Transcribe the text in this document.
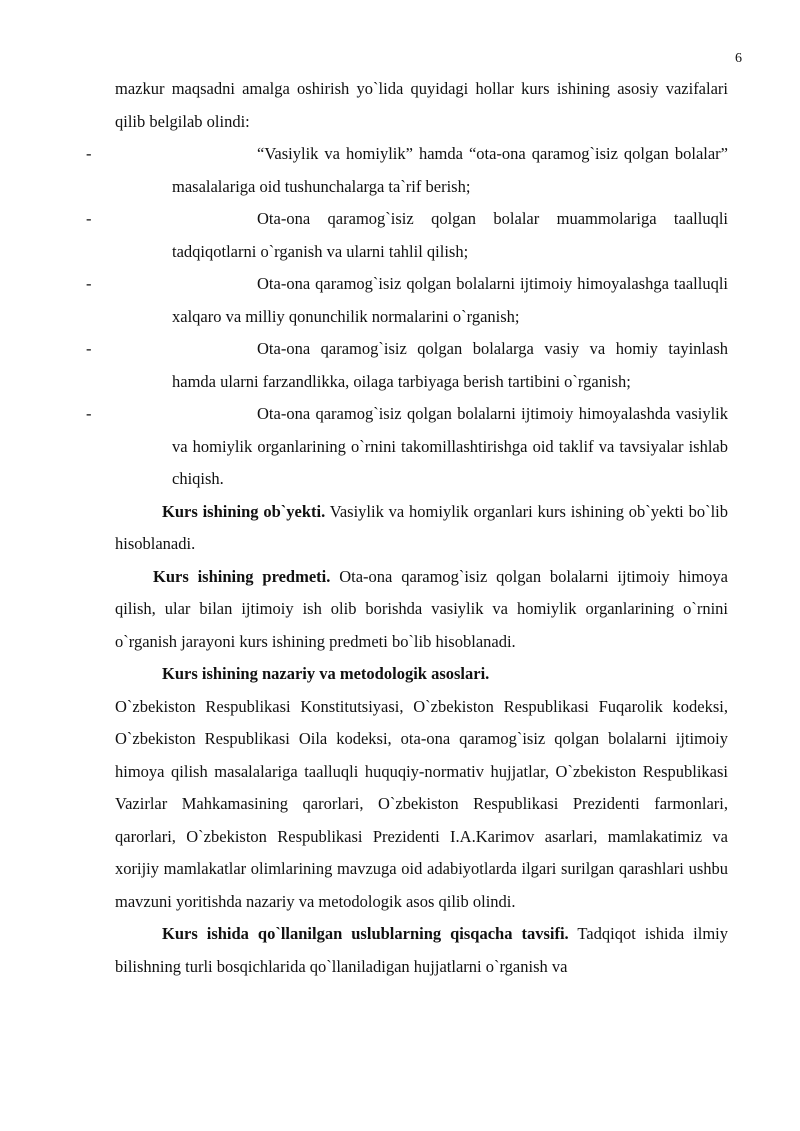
6

mazkur maqsadni amalga oshirish yo`lida quyidagi hollar kurs ishining asosiy vazifalari qilib belgilab olindi:

-	“Vasiylik va homiylik” hamda “ota-ona qaramog`isiz qolgan bolalar” masalalariga oid tushunchalarga ta`rif berish;

-	Ota-ona qaramog`isiz qolgan bolalar muammolariga taalluqli tadqiqotlarni o`rganish va ularni tahlil qilish;

-	Ota-ona qaramog`isiz qolgan bolalarni ijtimoiy himoyalashga taalluqli xalqaro va milliy qonunchilik normalarini o`rganish;

-	Ota-ona qaramog`isiz qolgan bolalarga vasiy va homiy tayinlash hamda ularni farzandlikka, oilaga tarbiyaga berish tartibini o`rganish;

-	Ota-ona qaramog`isiz qolgan bolalarni ijtimoiy himoyalashda vasiylik va homiylik organlarining o`rnini takomillashtirishga oid taklif va tavsiyalar ishlab chiqish.

Kurs ishining ob`yekti. Vasiylik va homiylik organlari kurs ishining ob`yekti bo`lib hisoblanadi.

Kurs ishining predmeti. Ota-ona qaramog`isiz qolgan bolalarni ijtimoiy himoya qilish, ular bilan ijtimoiy ish olib borishda vasiylik va homiylik organlarining o`rnini o`rganish jarayoni kurs ishining predmeti bo`lib hisoblanadi.

Kurs ishining nazariy va metodologik asoslari.

O`zbekiston Respublikasi Konstitutsiyasi, O`zbekiston Respublikasi Fuqarolik kodeksi, O`zbekiston Respublikasi Oila kodeksi, ota-ona qaramog`isiz qolgan bolalarni ijtimoiy himoya qilish masalalariga taalluqli huquqiy-normativ hujjatlar, O`zbekiston Respublikasi Vazirlar Mahkamasining qarorlari, O`zbekiston Respublikasi Prezidenti farmonlari, qarorlari, O`zbekiston Respublikasi Prezidenti I.A.Karimov asarlari, mamlakatimiz va xorijiy mamlakatlar olimlarining mavzuga oid adabiyotlarda ilgari surilgan qarashlari ushbu mavzuni yoritishda nazariy va metodologik asos qilib olindi.

Kurs ishida qo`llanilgan uslublarning qisqacha tavsifi. Tadqiqot ishida ilmiy bilishning turli bosqichlarida qo`llaniladigan hujjatlarni o`rganish va
